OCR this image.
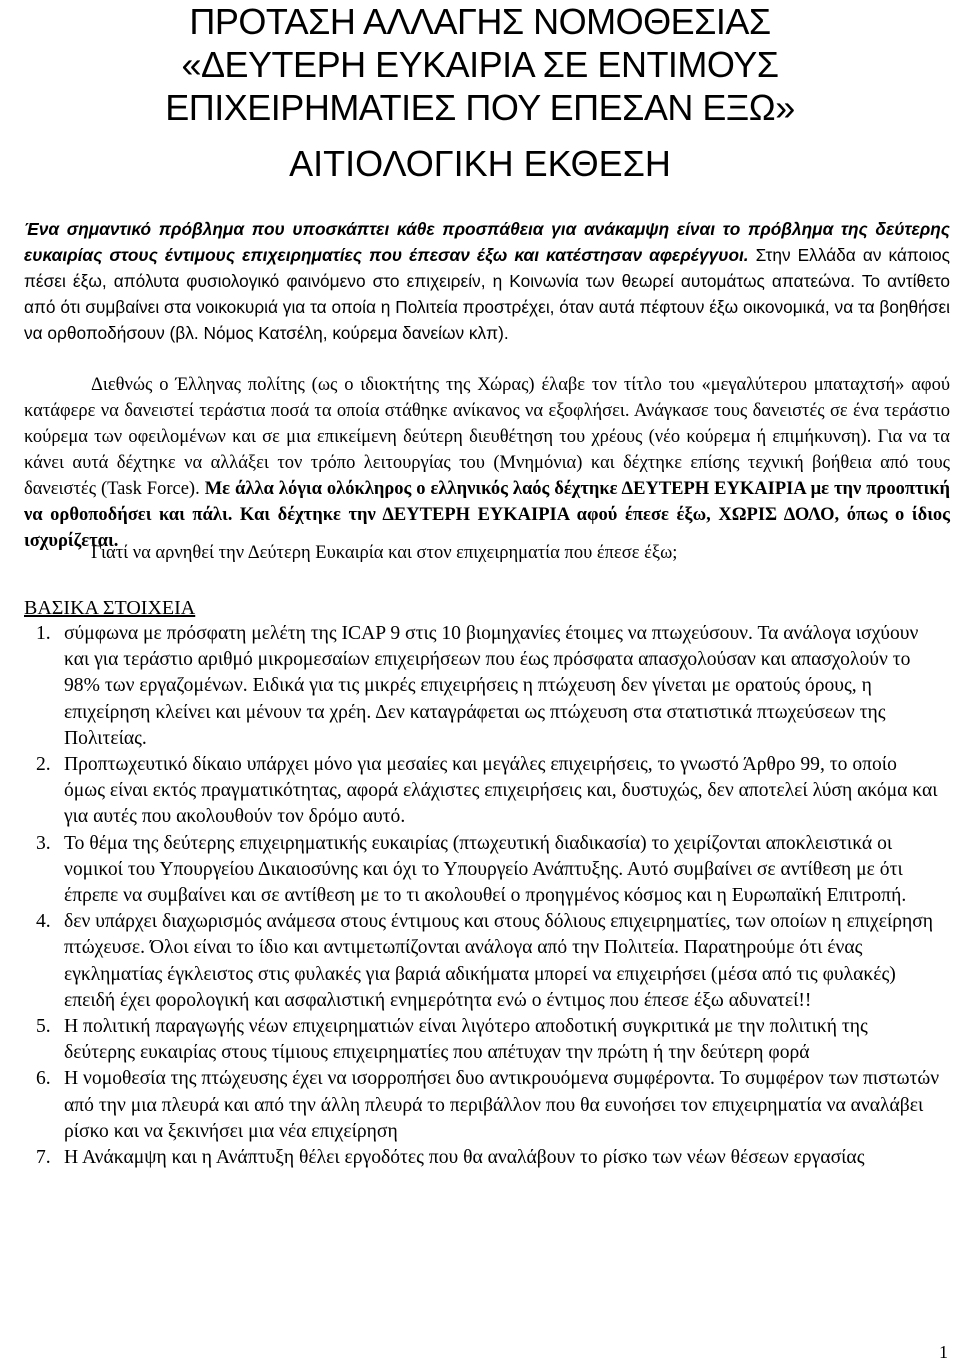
ΠΡΟΤΑΣΗ ΑΛΛΑΓΗΣ ΝΟΜΟΘΕΣΙΑΣ
«ΔΕΥΤΕΡΗ ΕΥΚΑΙΡΙΑ ΣΕ ΕΝΤΙΜΟΥΣ
ΕΠΙΧΕΙΡΗΜΑΤΙΕΣ ΠΟΥ ΕΠΕΣΑΝ ΕΞΩ»
ΑΙΤΙΟΛΟΓΙΚΗ ΕΚΘΕΣΗ
Ένα σημαντικό πρόβλημα που υποσκάπτει κάθε προσπάθεια για ανάκαμψη είναι το πρόβλημα της δεύτερης ευκαιρίας στους έντιμους επιχειρηματίες που έπεσαν έξω και κατέστησαν αφερέγγυοι. Στην Ελλάδα αν κάποιος πέσει έξω, απόλυτα φυσιολογικό φαινόμενο στο επιχειρείν, η Κοινωνία των θεωρεί αυτομάτως απατεώνα. Το αντίθετο από ότι συμβαίνει στα νοικοκυριά για τα οποία η Πολιτεία προστρέχει, όταν αυτά πέφτουν έξω οικονομικά, να τα βοηθήσει να ορθοποδήσουν (βλ. Νόμος Κατσέλη, κούρεμα δανείων κλπ).
Διεθνώς ο Έλληνας πολίτης (ως ο ιδιοκτήτης της Χώρας) έλαβε τον τίτλο του «μεγαλύτερου μπαταχτσή» αφού κατάφερε να δανειστεί τεράστια ποσά τα οποία στάθηκε ανίκανος να εξοφλήσει. Ανάγκασε τους δανειστές σε ένα τεράστιο κούρεμα των οφειλομένων και σε μια επικείμενη δεύτερη διευθέτηση του χρέους (νέο κούρεμα ή επιμήκυνση). Για να τα κάνει αυτά δέχτηκε να αλλάξει τον τρόπο λειτουργίας του (Μνημόνια) και δέχτηκε επίσης τεχνική βοήθεια από τους δανειστές (Task Force). Με άλλα λόγια ολόκληρος ο ελληνικός λαός δέχτηκε ΔΕΥΤΕΡΗ ΕΥΚΑΙΡΙΑ με την προοπτική να ορθοποδήσει και πάλι. Και δέχτηκε την ΔΕΥΤΕΡΗ ΕΥΚΑΙΡΙΑ αφού έπεσε έξω, ΧΩΡΙΣ ΔΟΛΟ, όπως ο ίδιος ισχυρίζεται.
Γιατί να αρνηθεί την Δεύτερη Ευκαιρία και στον επιχειρηματία που έπεσε έξω;
ΒΑΣΙΚΑ ΣΤΟΙΧΕΙΑ
1. σύμφωνα με πρόσφατη μελέτη της ICAP 9 στις 10 βιομηχανίες έτοιμες να πτωχεύσουν. Τα ανάλογα ισχύουν και για τεράστιο αριθμό μικρομεσαίων επιχειρήσεων που έως πρόσφατα απασχολούσαν και απασχολούν το 98% των εργαζομένων. Ειδικά για τις μικρές επιχειρήσεις η πτώχευση δεν γίνεται με ορατούς όρους, η επιχείρηση κλείνει και μένουν τα χρέη. Δεν καταγράφεται ως πτώχευση στα στατιστικά πτωχεύσεων της Πολιτείας.
2. Προπτωχευτικό δίκαιο υπάρχει μόνο για μεσαίες και μεγάλες επιχειρήσεις, το γνωστό Άρθρο 99, το οποίο όμως είναι εκτός πραγματικότητας, αφορά ελάχιστες επιχειρήσεις και, δυστυχώς, δεν αποτελεί λύση ακόμα και για αυτές που ακολουθούν τον δρόμο αυτό.
3. Το θέμα της δεύτερης επιχειρηματικής ευκαιρίας (πτωχευτική διαδικασία) το χειρίζονται αποκλειστικά οι νομικοί του Υπουργείου Δικαιοσύνης και όχι το Υπουργείο Ανάπτυξης. Αυτό συμβαίνει σε αντίθεση με ότι έπρεπε να συμβαίνει και σε αντίθεση με το τι ακολουθεί ο προηγμένος κόσμος και η Ευρωπαϊκή Επιτροπή.
4. δεν υπάρχει διαχωρισμός ανάμεσα στους έντιμους και στους δόλιους επιχειρηματίες, των οποίων η επιχείρηση πτώχευσε. Όλοι είναι το ίδιο και αντιμετωπίζονται ανάλογα από την Πολιτεία. Παρατηρούμε ότι ένας εγκληματίας έγκλειστος στις φυλακές για βαριά αδικήματα μπορεί να επιχειρήσει (μέσα από τις φυλακές) επειδή έχει φορολογική και ασφαλιστική ενημερότητα ενώ ο έντιμος που έπεσε έξω αδυνατεί!!
5. Η πολιτική παραγωγής νέων επιχειρηματιών είναι λιγότερο αποδοτική συγκριτικά με την πολιτική της δεύτερης ευκαιρίας στους τίμιους επιχειρηματίες που απέτυχαν την πρώτη ή την δεύτερη φορά
6. Η νομοθεσία της πτώχευσης έχει να ισορροπήσει δυο αντικρουόμενα συμφέροντα. Το συμφέρον των πιστωτών από την μια πλευρά και από την άλλη πλευρά το περιβάλλον που θα ευνοήσει τον επιχειρηματία να αναλάβει ρίσκο και να ξεκινήσει μια νέα επιχείρηση
7. Η Ανάκαμψη και η Ανάπτυξη θέλει εργοδότες που θα αναλάβουν το ρίσκο των νέων θέσεων εργασίας
1
